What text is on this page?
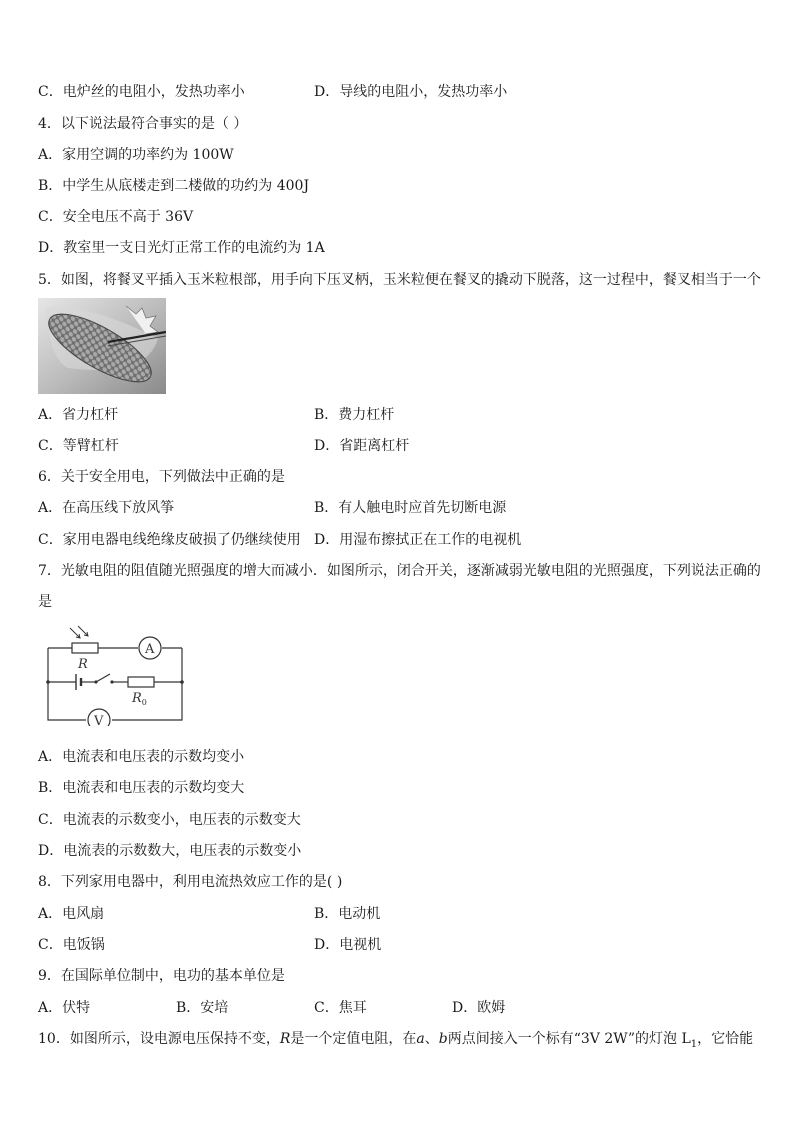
C．电炉丝的电阻小，发热功率小	D．导线的电阻小，发热功率小
4．以下说法最符合事实的是（ ）
A．家用空调的功率约为 100W
B．中学生从底楼走到二楼做的功约为 400J
C．安全电压不高于 36V
D．教室里一支日光灯正常工作的电流约为 1A
5．如图，将餐叉平插入玉米粒根部，用手向下压叉柄，玉米粒便在餐叉的撬动下脱落，这一过程中，餐叉相当于一个
A．省力杠杆	B．费力杠杆
C．等臂杠杆	D．省距离杠杆
6．关于安全用电，下列做法中正确的是
A．在高压线下放风筝	B．有人触电时应首先切断电源
C．家用电器电线绝缘皮破损了仍继续使用 D．用湿布擦拭正在工作的电视机
7．光敏电阻的阻值随光照强度的增大而减小．如图所示，闭合开关，逐渐减弱光敏电阻的光照强度，下列说法正确的
是
R
A
$R_0$
V
A．电流表和电压表的示数均变小
B．电流表和电压表的示数均变大
C．电流表的示数变小，电压表的示数变大
D．电流表的示数数大，电压表的示数变小
8．下列家用电器中，利用电流热效应工作的是( )
A．电风扇	B．电动机
C．电饭锅	D．电视机
9．在国际单位制中，电功的基本单位是
A．伏特	B．安培	C．焦耳	D．欧姆
10．如图所示，设电源电压保持不变，R是一个定值电阻，在a、b两点间接入一个标有“3V 2W”的灯泡 $L_1$，它恰能
